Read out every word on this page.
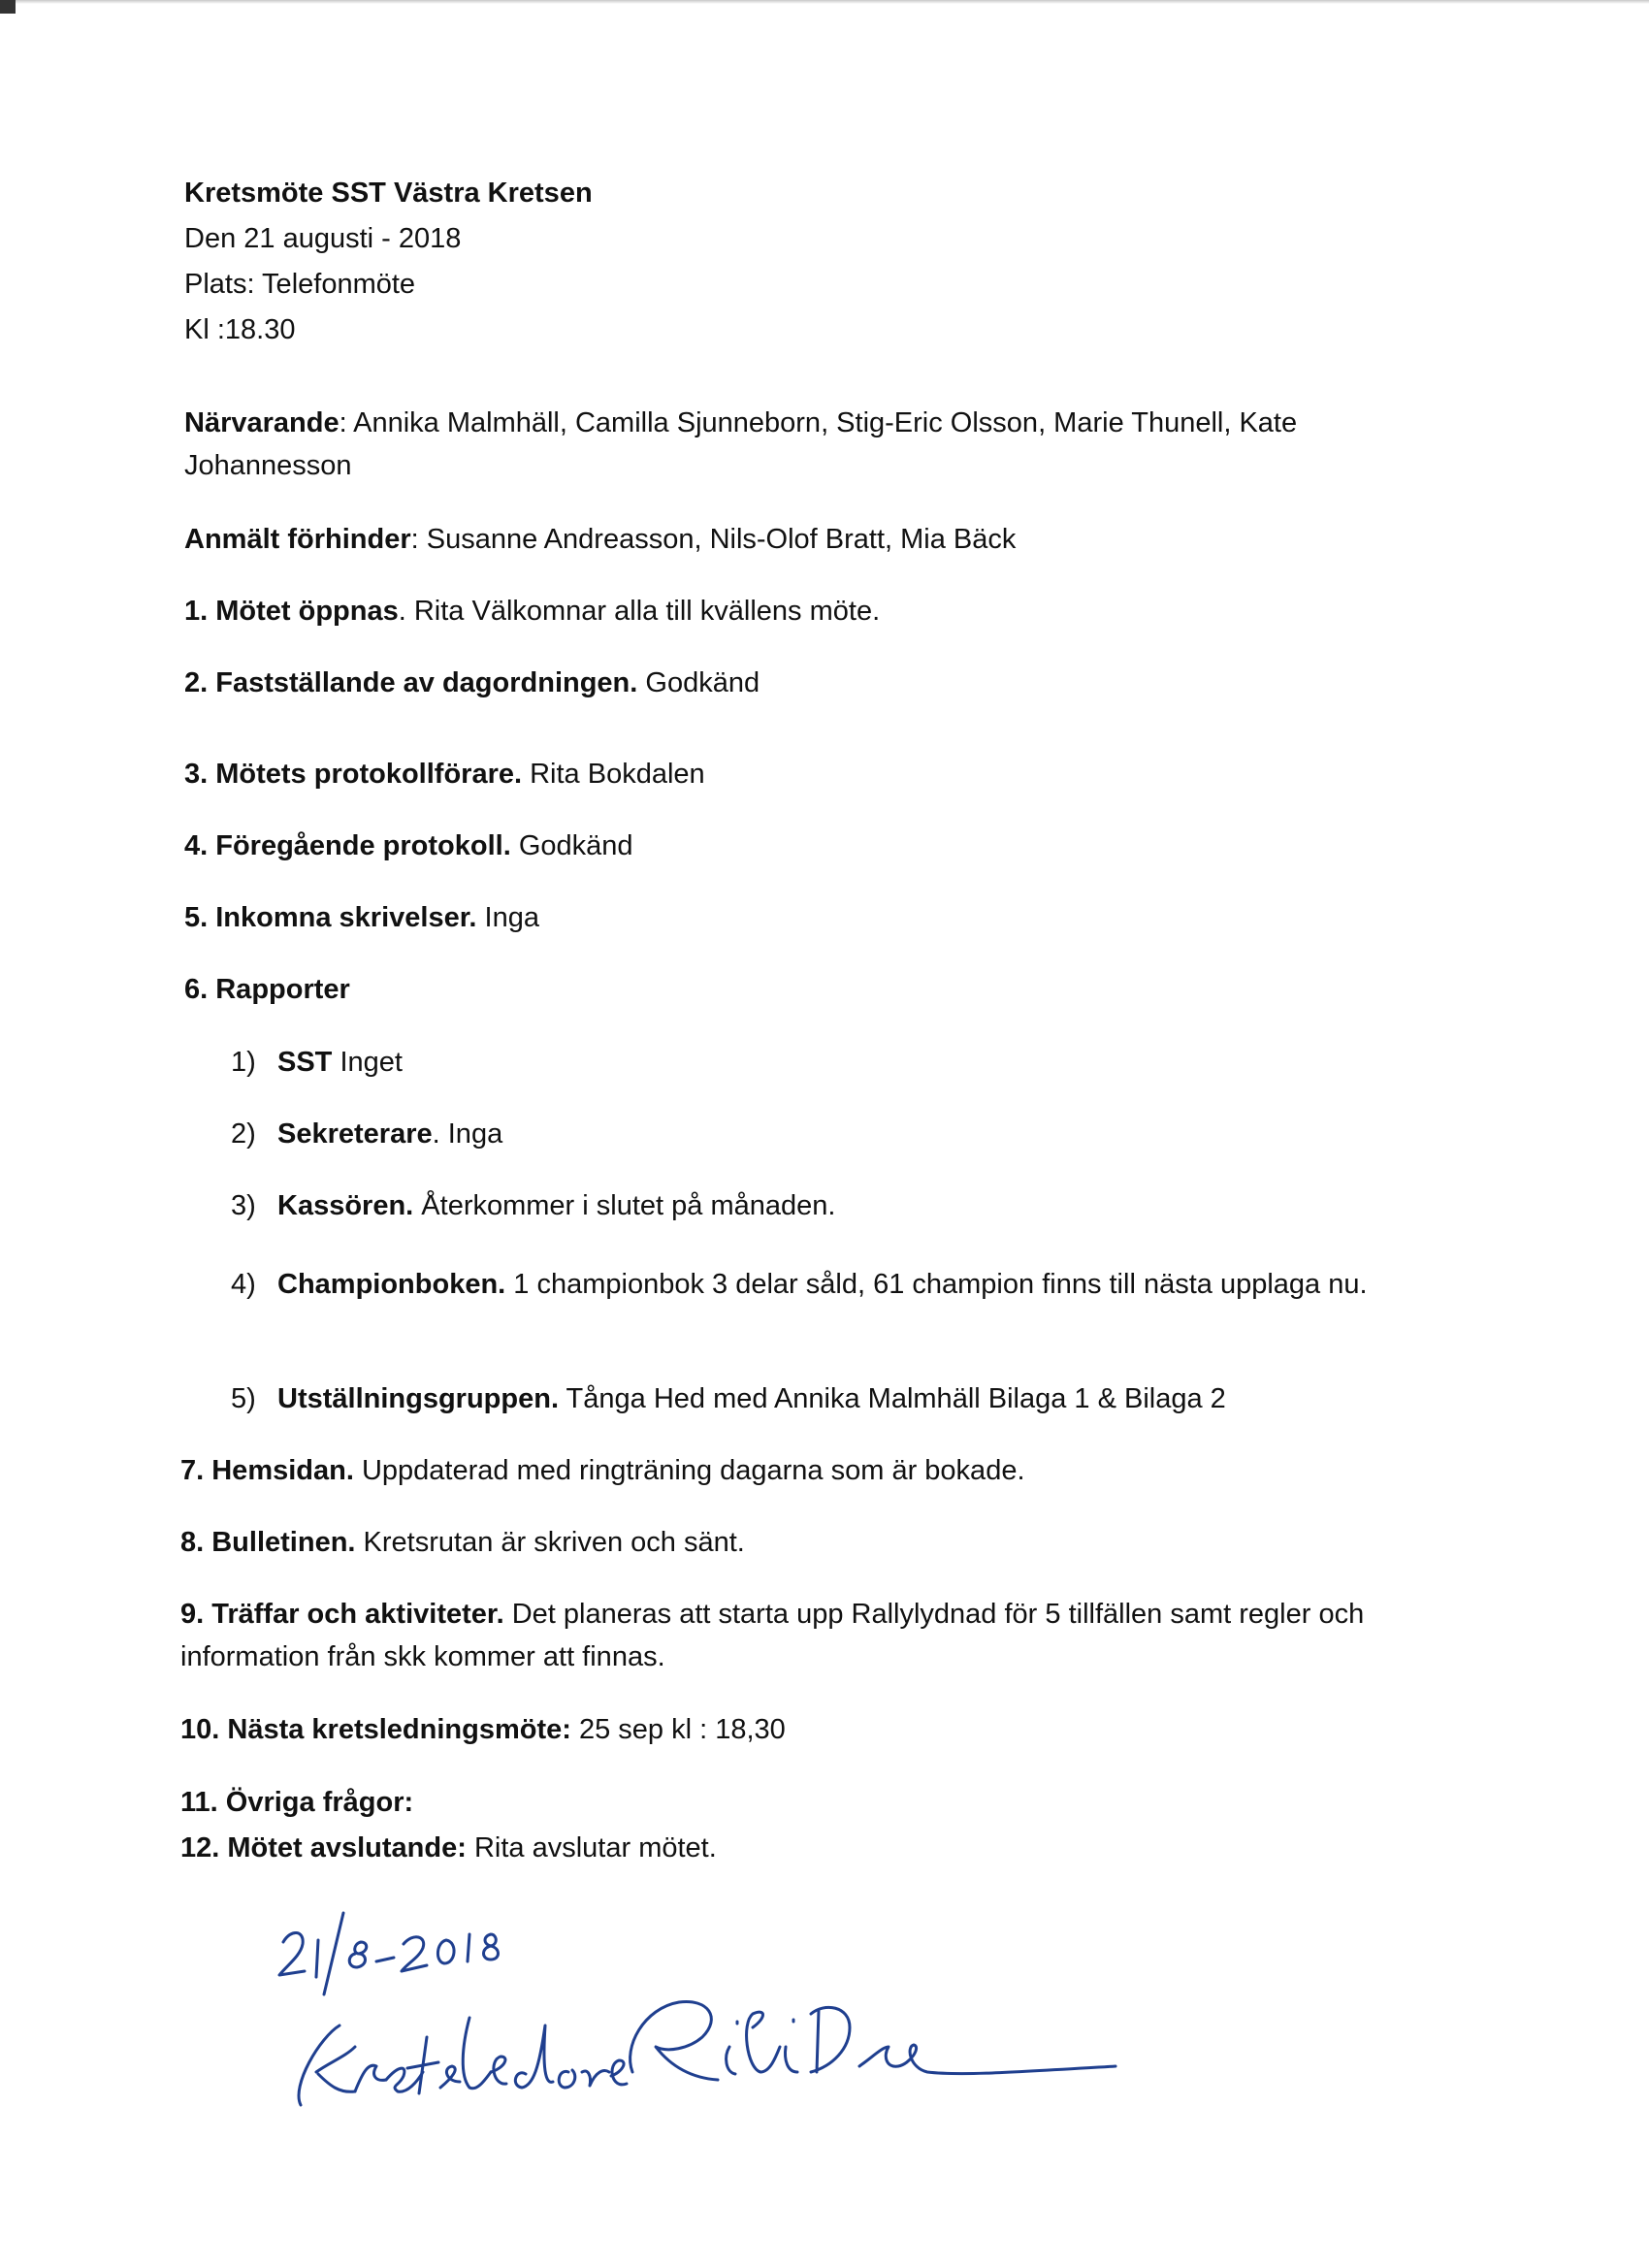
Kretsmöte SST Västra Kretsen
Den 21 augusti - 2018
Plats: Telefonmöte
Kl :18.30
Närvarande: Annika Malmhäll, Camilla Sjunneborn, Stig-Eric Olsson, Marie Thunell, Kate Johannesson
Anmält förhinder: Susanne Andreasson, Nils-Olof Bratt, Mia Bäck
1. Mötet öppnas. Rita Välkomnar alla till kvällens möte.
2. Fastställande av dagordningen. Godkänd
3. Mötets protokollförare. Rita Bokdalen
4. Föregående protokoll. Godkänd
5. Inkomna skrivelser. Inga
6. Rapporter
1) SST Inget
2) Sekreterare. Inga
3) Kassören. Återkommer i slutet på månaden.
4) Championboken. 1 championbok 3 delar såld, 61 champion finns till nästa upplaga nu.
5) Utställningsgruppen. Tånga Hed med Annika Malmhäll Bilaga 1 & Bilaga 2
7. Hemsidan. Uppdaterad med ringträning dagarna som är bokade.
8. Bulletinen. Kretsrutan är skriven och sänt.
9. Träffar och aktiviteter. Det planeras att starta upp Rallylydnad för 5 tillfällen samt regler och information från skk kommer att finnas.
10. Nästa kretsledningsmöte: 25 sep kl : 18,30
11. Övriga frågor:
12. Mötet avslutande: Rita avslutar mötet.
